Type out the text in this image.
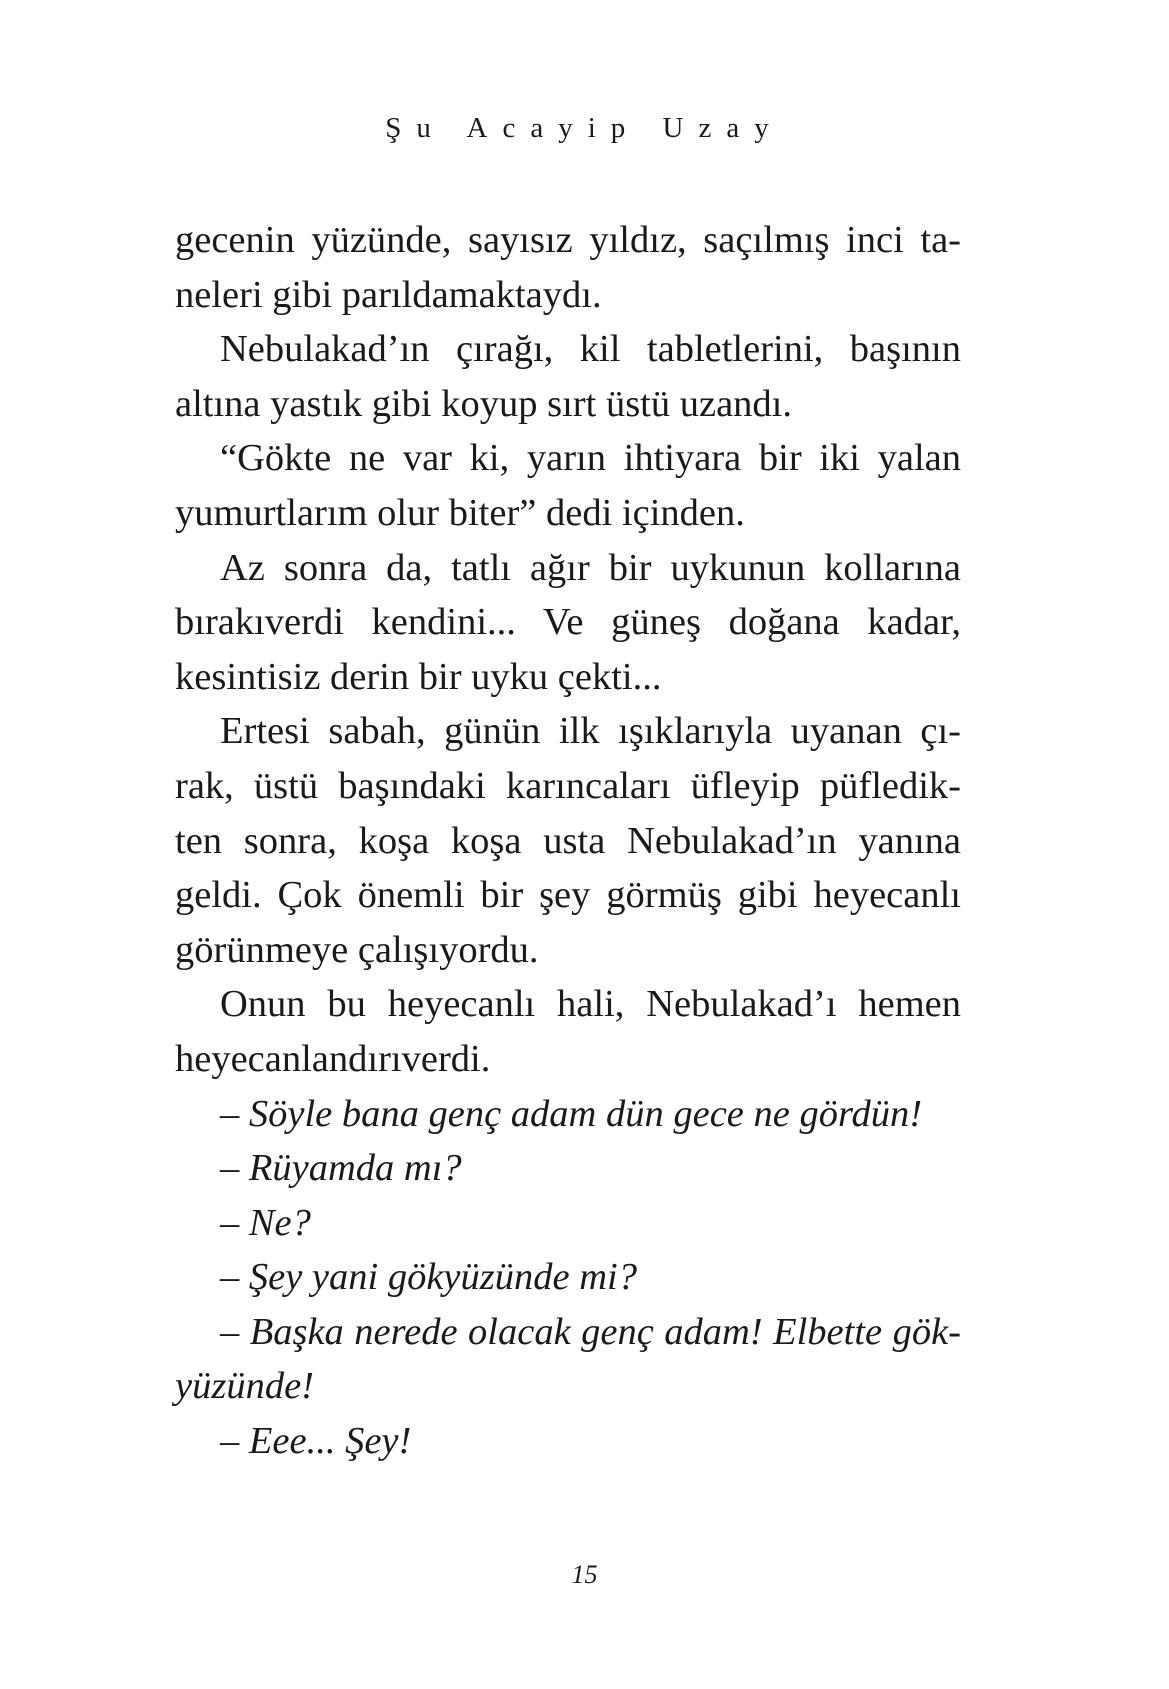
Şu Acayip Uzay
gecenin yüzünde, sayısız yıldız, saçılmış inci ta-
neleri gibi parıldamaktaydı.
Nebulakad’ın çırağı, kil tabletlerini, başının
altına yastık gibi koyup sırt üstü uzandı.
“Gökte ne var ki, yarın ihtiyara bir iki yalan
yumurtlarım olur biter” dedi içinden.
Az sonra da, tatlı ağır bir uykunun kollarına
bırakıverdi kendini... Ve güneş doğana kadar,
kesintisiz derin bir uyku çekti...
Ertesi sabah, günün ilk ışıklarıyla uyanan çı-
rak, üstü başındaki karıncaları üfleyip püfledik-
ten sonra, koşa koşa usta Nebulakad’ın yanına
geldi. Çok önemli bir şey görmüş gibi heyecanlı
görünmeye çalışıyordu.
Onun bu heyecanlı hali, Nebulakad’ı hemen
heyecanlandırıverdi.
– Söyle bana genç adam dün gece ne gördün!
– Rüyamda mı?
– Ne?
– Şey yani gökyüzünde mi?
– Başka nerede olacak genç adam! Elbette gök-
yüzünde!
– Eee... Şey!
15
